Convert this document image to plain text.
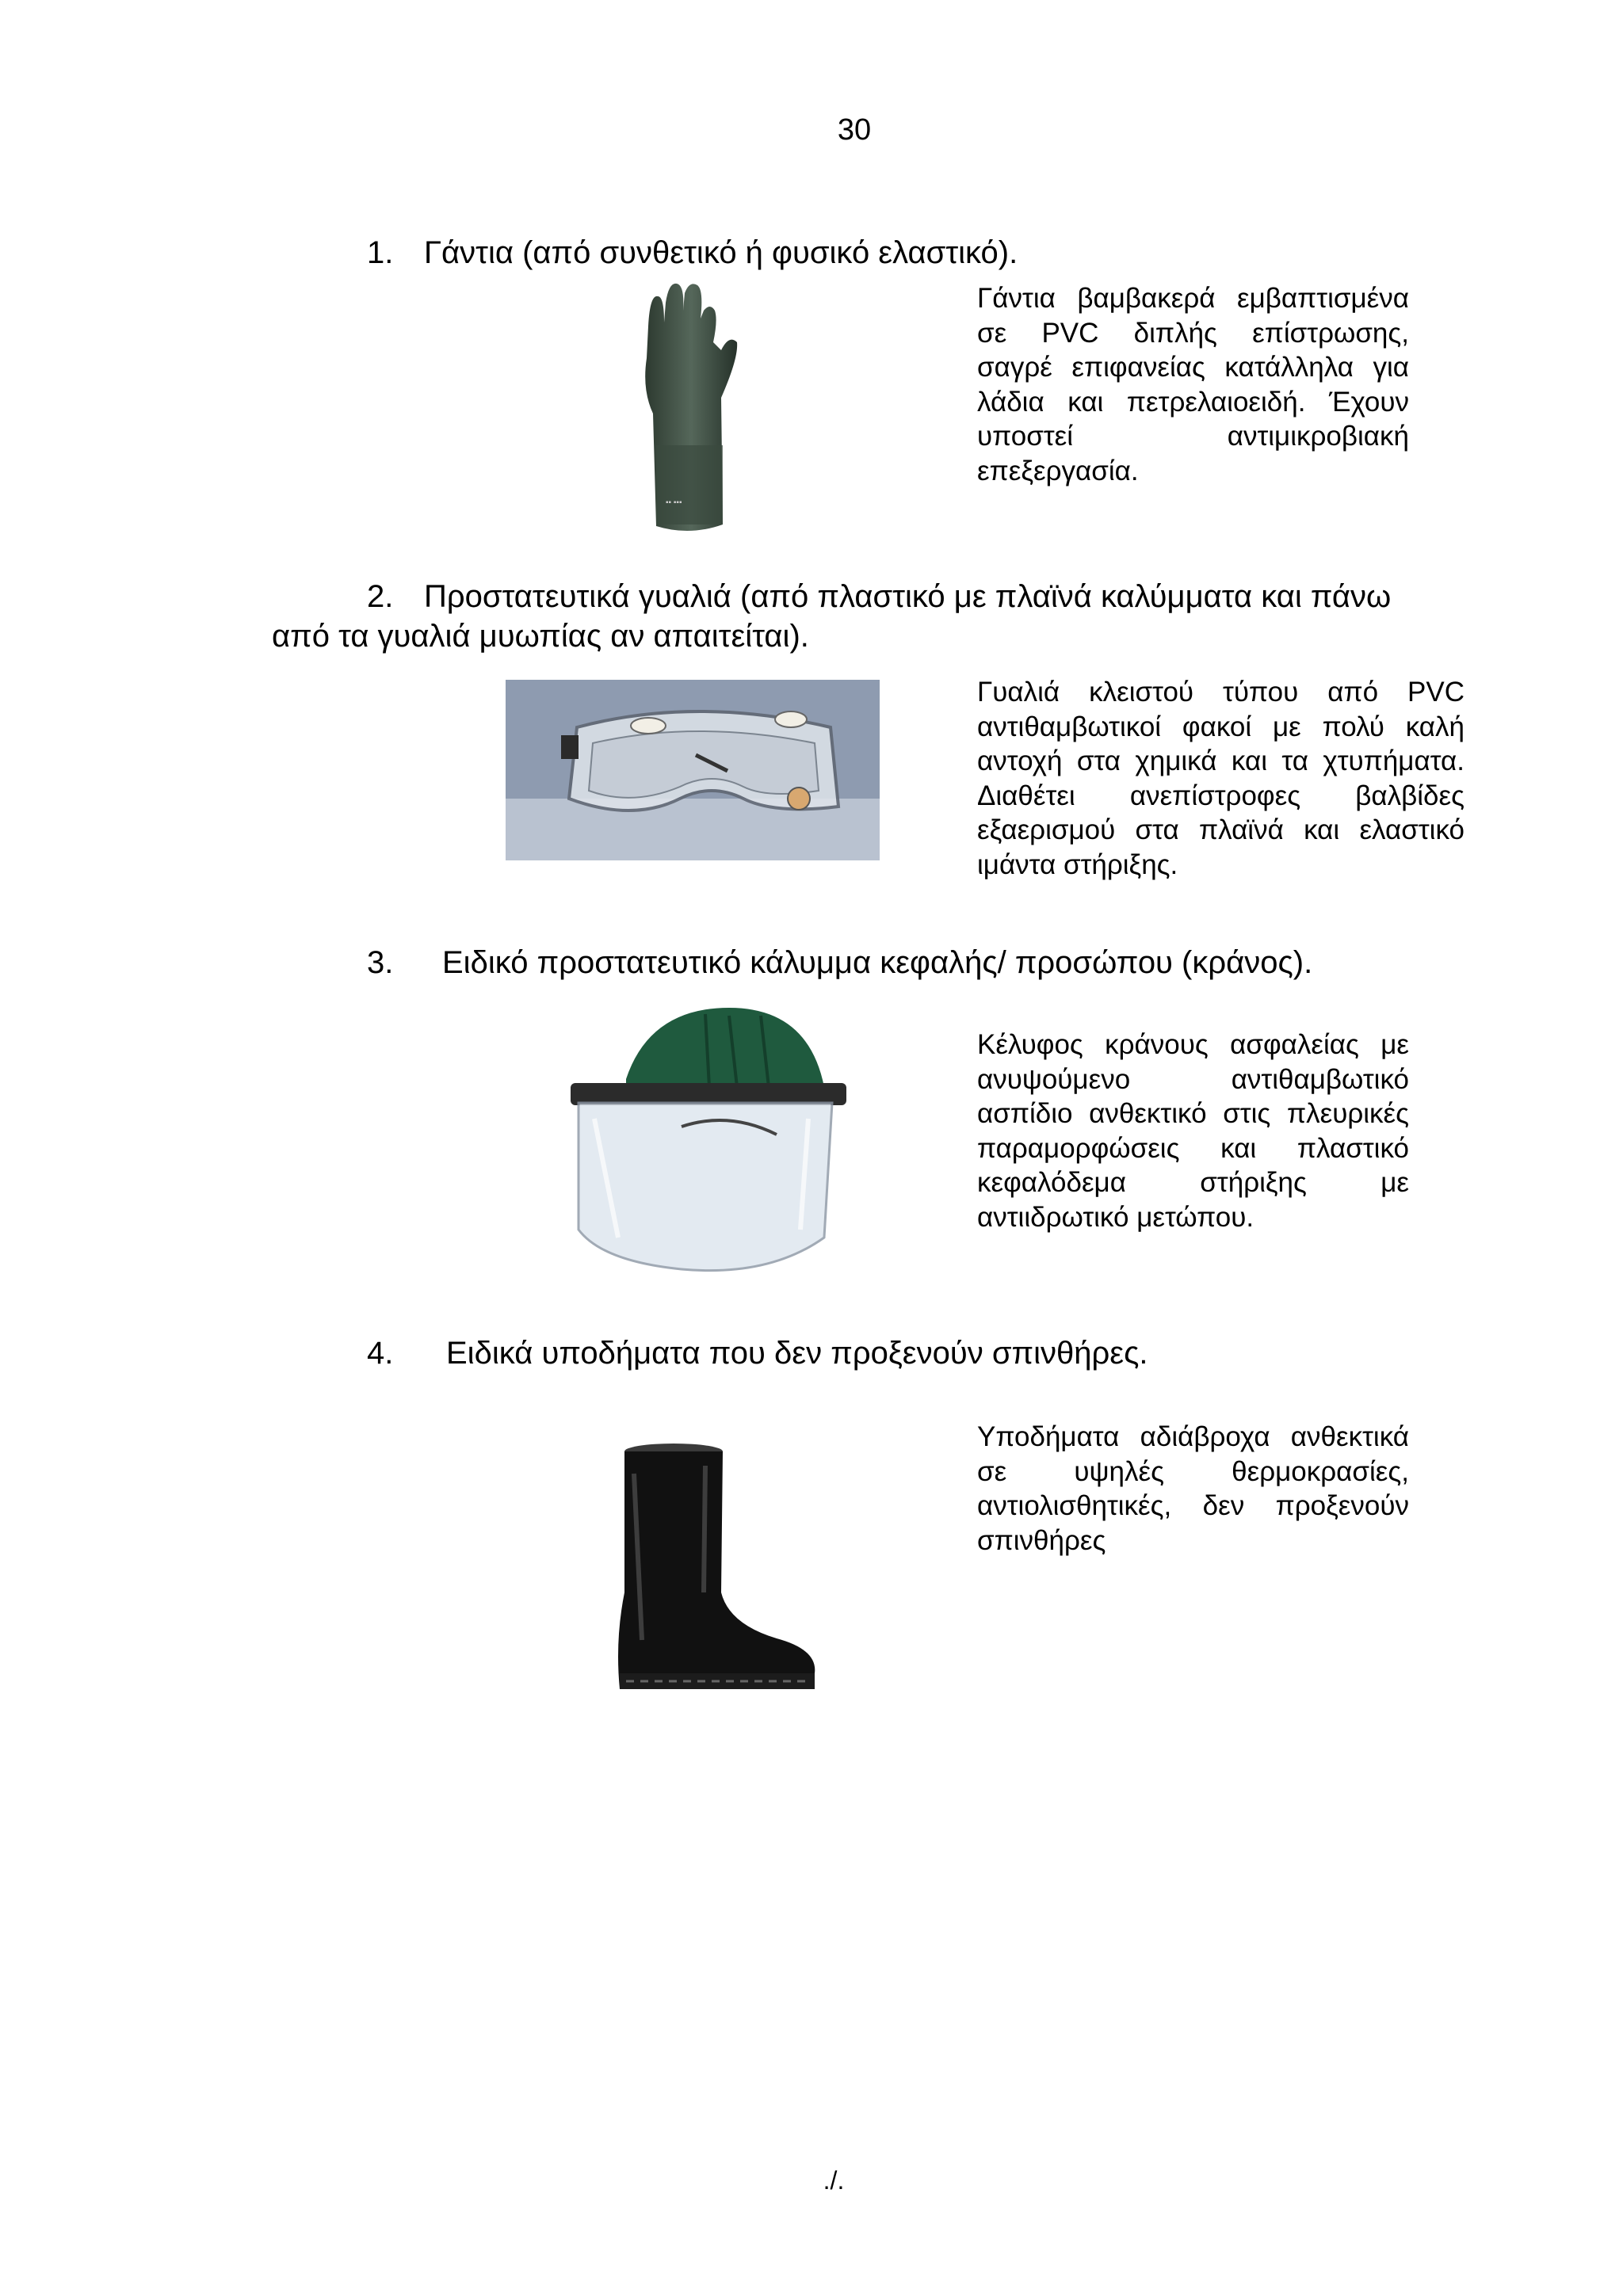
30

1. Γάντια (από συνθετικό ή φυσικό ελαστικό).

▪▪ ▪▪▪

Γάντια βαμβακερά εμβαπτισμένα σε PVC διπλής επίστρωσης, σαγρέ επιφανείας κατάλληλα για λάδια και πετρελαιοειδή. Έχουν υποστεί αντιμικροβιακή επεξεργασία.

2. Προστατευτικά γυαλιά (από πλαστικό με πλαϊνά καλύμματα και πάνω

από τα γυαλιά μυωπίας αν απαιτείται).

Γυαλιά κλειστού τύπου από PVC αντιθαμβωτικοί φακοί με πολύ καλή αντοχή στα χημικά και τα χτυπήματα. Διαθέτει ανεπίστροφες βαλβίδες εξαερισμού στα πλαϊνά και ελαστικό ιμάντα στήριξης.

3. Ειδικό προστατευτικό κάλυμμα κεφαλής/ προσώπου (κράνος).

Κέλυφος κράνους ασφαλείας με ανυψούμενο αντιθαμβωτικό ασπίδιο ανθεκτικό στις πλευρικές παραμορφώσεις και πλαστικό κεφαλόδεμα στήριξης με αντιιδρωτικό μετώπου.

4. Ειδικά υποδήματα που δεν προξενούν σπινθήρες.

Υποδήματα αδιάβροχα ανθεκτικά σε υψηλές θερμοκρασίες, αντιολισθητικές, δεν προξενούν σπινθήρες

./.
